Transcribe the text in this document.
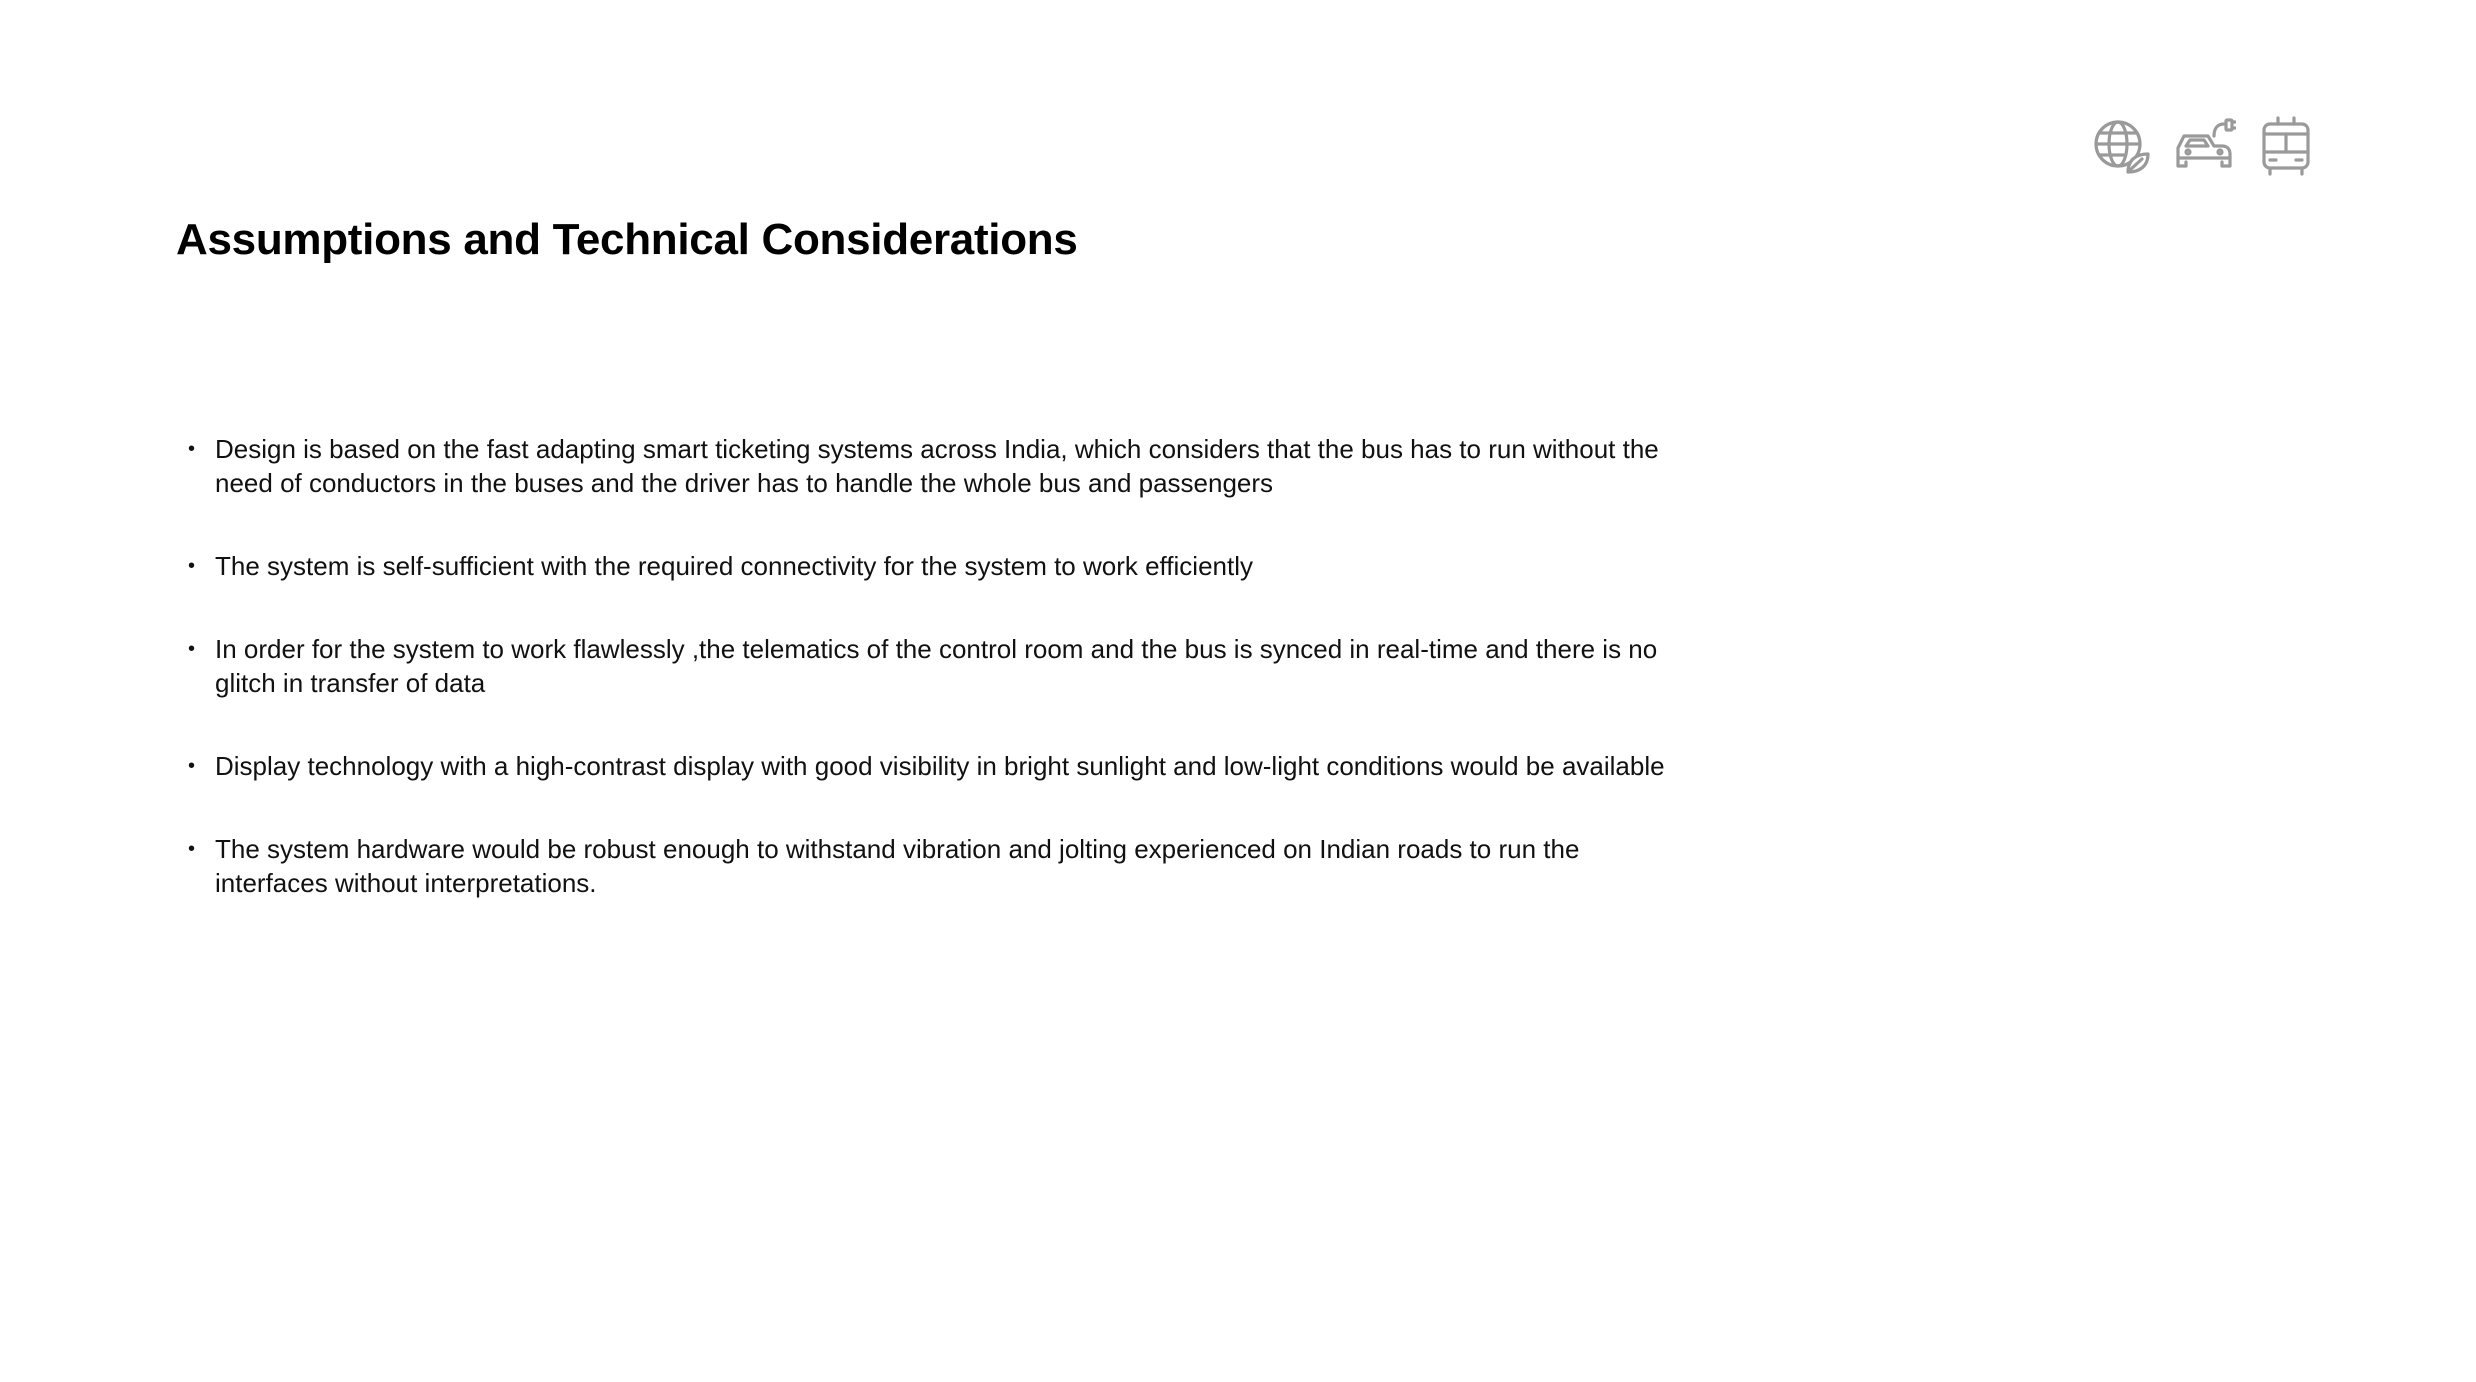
Assumptions and Technical Considerations
• Design is based on the fast adapting smart ticketing systems across India, which considers that the bus has to run without the need of conductors in the buses and the driver has to handle the whole bus and passengers
• The system is self-sufficient with the required connectivity for the system to work efficiently
• In order for the system to work flawlessly ,the telematics of the control room and the bus is synced in real-time and there is no glitch in transfer of data
• Display technology with a high-contrast display with good visibility in bright sunlight and low-light conditions would be available
• The system hardware would be robust enough to withstand vibration and jolting experienced on Indian roads to run the interfaces without interpretations.
